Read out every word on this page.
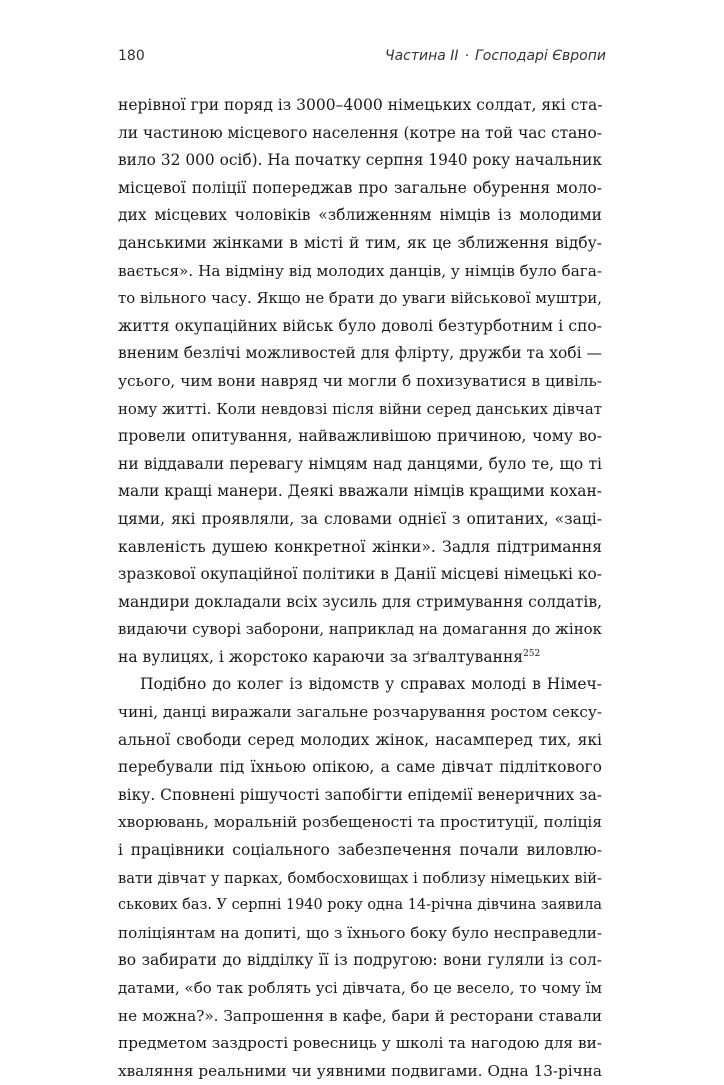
180	Частина II · Господарі Європи
нерівної гри поряд із 3000–4000 німецьких солдат, які ста-
ли частиною місцевого населення (котре на той час стано-
вило 32 000 осіб). На початку серпня 1940 року начальник
місцевої поліції попереджав про загальне обурення моло-
дих місцевих чоловіків «зближенням німців із молодими
данськими жінками в місті й тим, як це зближення відбу-
вається». На відміну від молодих данців, у німців було бага-
то вільного часу. Якщо не брати до уваги військової муштри,
життя окупаційних військ було доволі безтурботним і спо-
вненим безлічі можливостей для флірту, дружби та хобі —
усього, чим вони навряд чи могли б похизуватися в цивіль-
ному житті. Коли невдовзі після війни серед данських дівчат
провели опитування, найважливішою причиною, чому во-
ни віддавали перевагу німцям над данцями, було те, що ті
мали кращі манери. Деякі вважали німців кращими кохан-
цями, які проявляли, за словами однієї з опитаних, «заці-
кавленість душею конкретної жінки». Задля підтримання
зразкової окупаційної політики в Данії місцеві німецькі ко-
мандири докладали всіх зусиль для стримування солдатів,
видаючи суворі заборони, наприклад на домагання до жінок
на вулицях, і жорстоко караючи за зґвалтування$^{252}$
Подібно до колег із відомств у справах молоді в Німеч-
чині, данці виражали загальне розчарування ростом сексу-
альної свободи серед молодих жінок, насамперед тих, які
перебували під їхньою опікою, а саме дівчат підліткового
віку. Сповнені рішучості запобігти епідемії венеричних за-
хворювань, моральній розбещеності та проституції, поліція
і працівники соціального забезпечення почали виловлю-
вати дівчат у парках, бомбосховищах і поблизу німецьких вій-
ськових баз. У серпні 1940 року одна 14-річна дівчина заявила
поліціянтам на допиті, що з їхнього боку було несправедли-
во забирати до відділку її із подругою: вони гуляли із сол-
датами, «бо так роблять усі дівчата, бо це весело, то чому їм
не можна?». Запрошення в кафе, бари й ресторани ставали
предметом заздрості ровесниць у школі та нагодою для ви-
хваляння реальними чи уявними подвигами. Одна 13-річна
